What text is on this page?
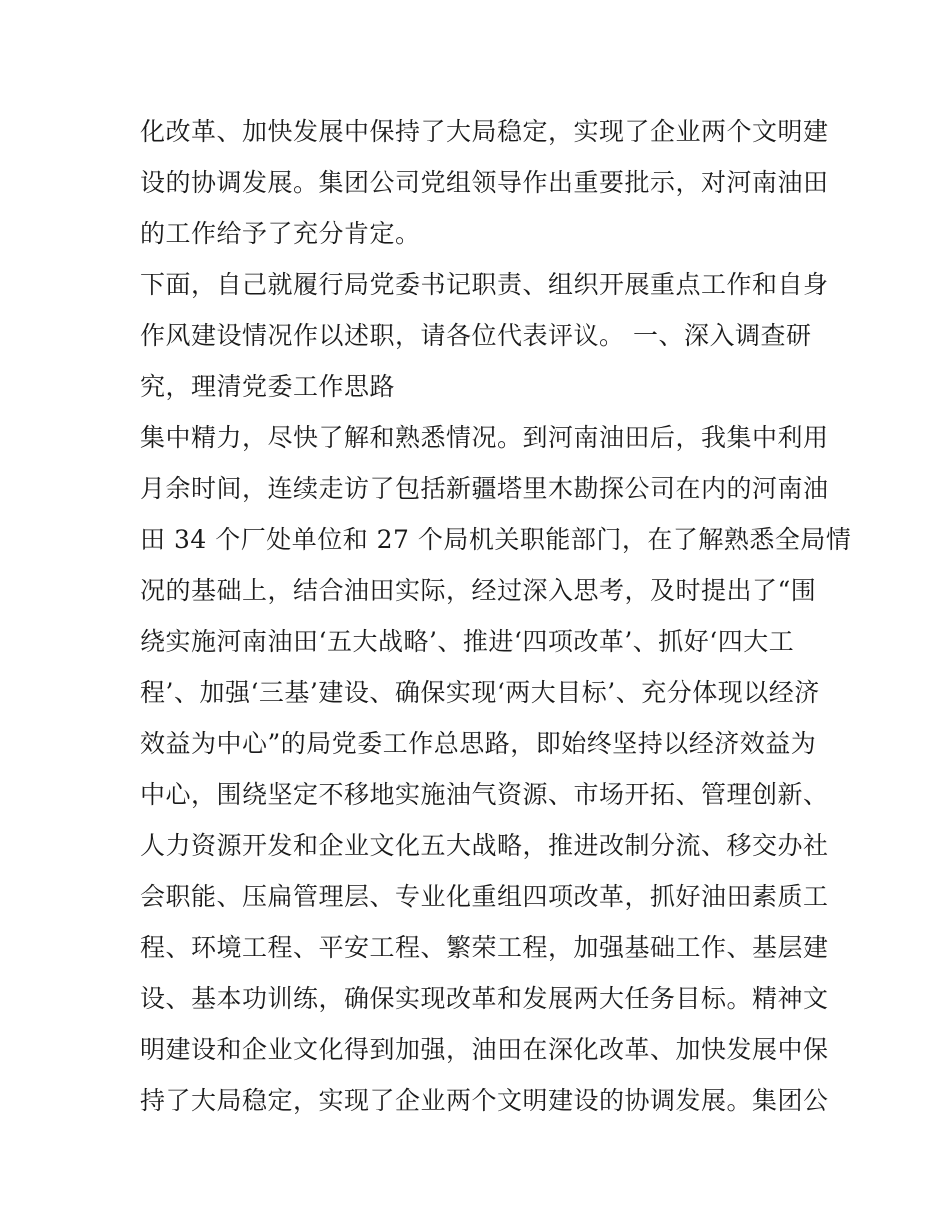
化改革、加快发展中保持了大局稳定，实现了企业两个文明建
设的协调发展。集团公司党组领导作出重要批示，对河南油田
的工作给予了充分肯定。
下面，自己就履行局党委书记职责、组织开展重点工作和自身
作风建设情况作以述职，请各位代表评议。 一、深入调查研
究，理清党委工作思路
集中精力，尽快了解和熟悉情况。到河南油田后，我集中利用
月余时间，连续走访了包括新疆塔里木勘探公司在内的河南油
田 34 个厂处单位和 27 个局机关职能部门，在了解熟悉全局情
况的基础上，结合油田实际，经过深入思考，及时提出了“围
绕实施河南油田‘五大战略’、推进‘四项改革’、抓好‘四大工
程’、加强‘三基’建设、确保实现‘两大目标’、充分体现以经济
效益为中心”的局党委工作总思路，即始终坚持以经济效益为
中心，围绕坚定不移地实施油气资源、市场开拓、管理创新、
人力资源开发和企业文化五大战略，推进改制分流、移交办社
会职能、压扁管理层、专业化重组四项改革，抓好油田素质工
程、环境工程、平安工程、繁荣工程，加强基础工作、基层建
设、基本功训练，确保实现改革和发展两大任务目标。精神文
明建设和企业文化得到加强，油田在深化改革、加快发展中保
持了大局稳定，实现了企业两个文明建设的协调发展。集团公
